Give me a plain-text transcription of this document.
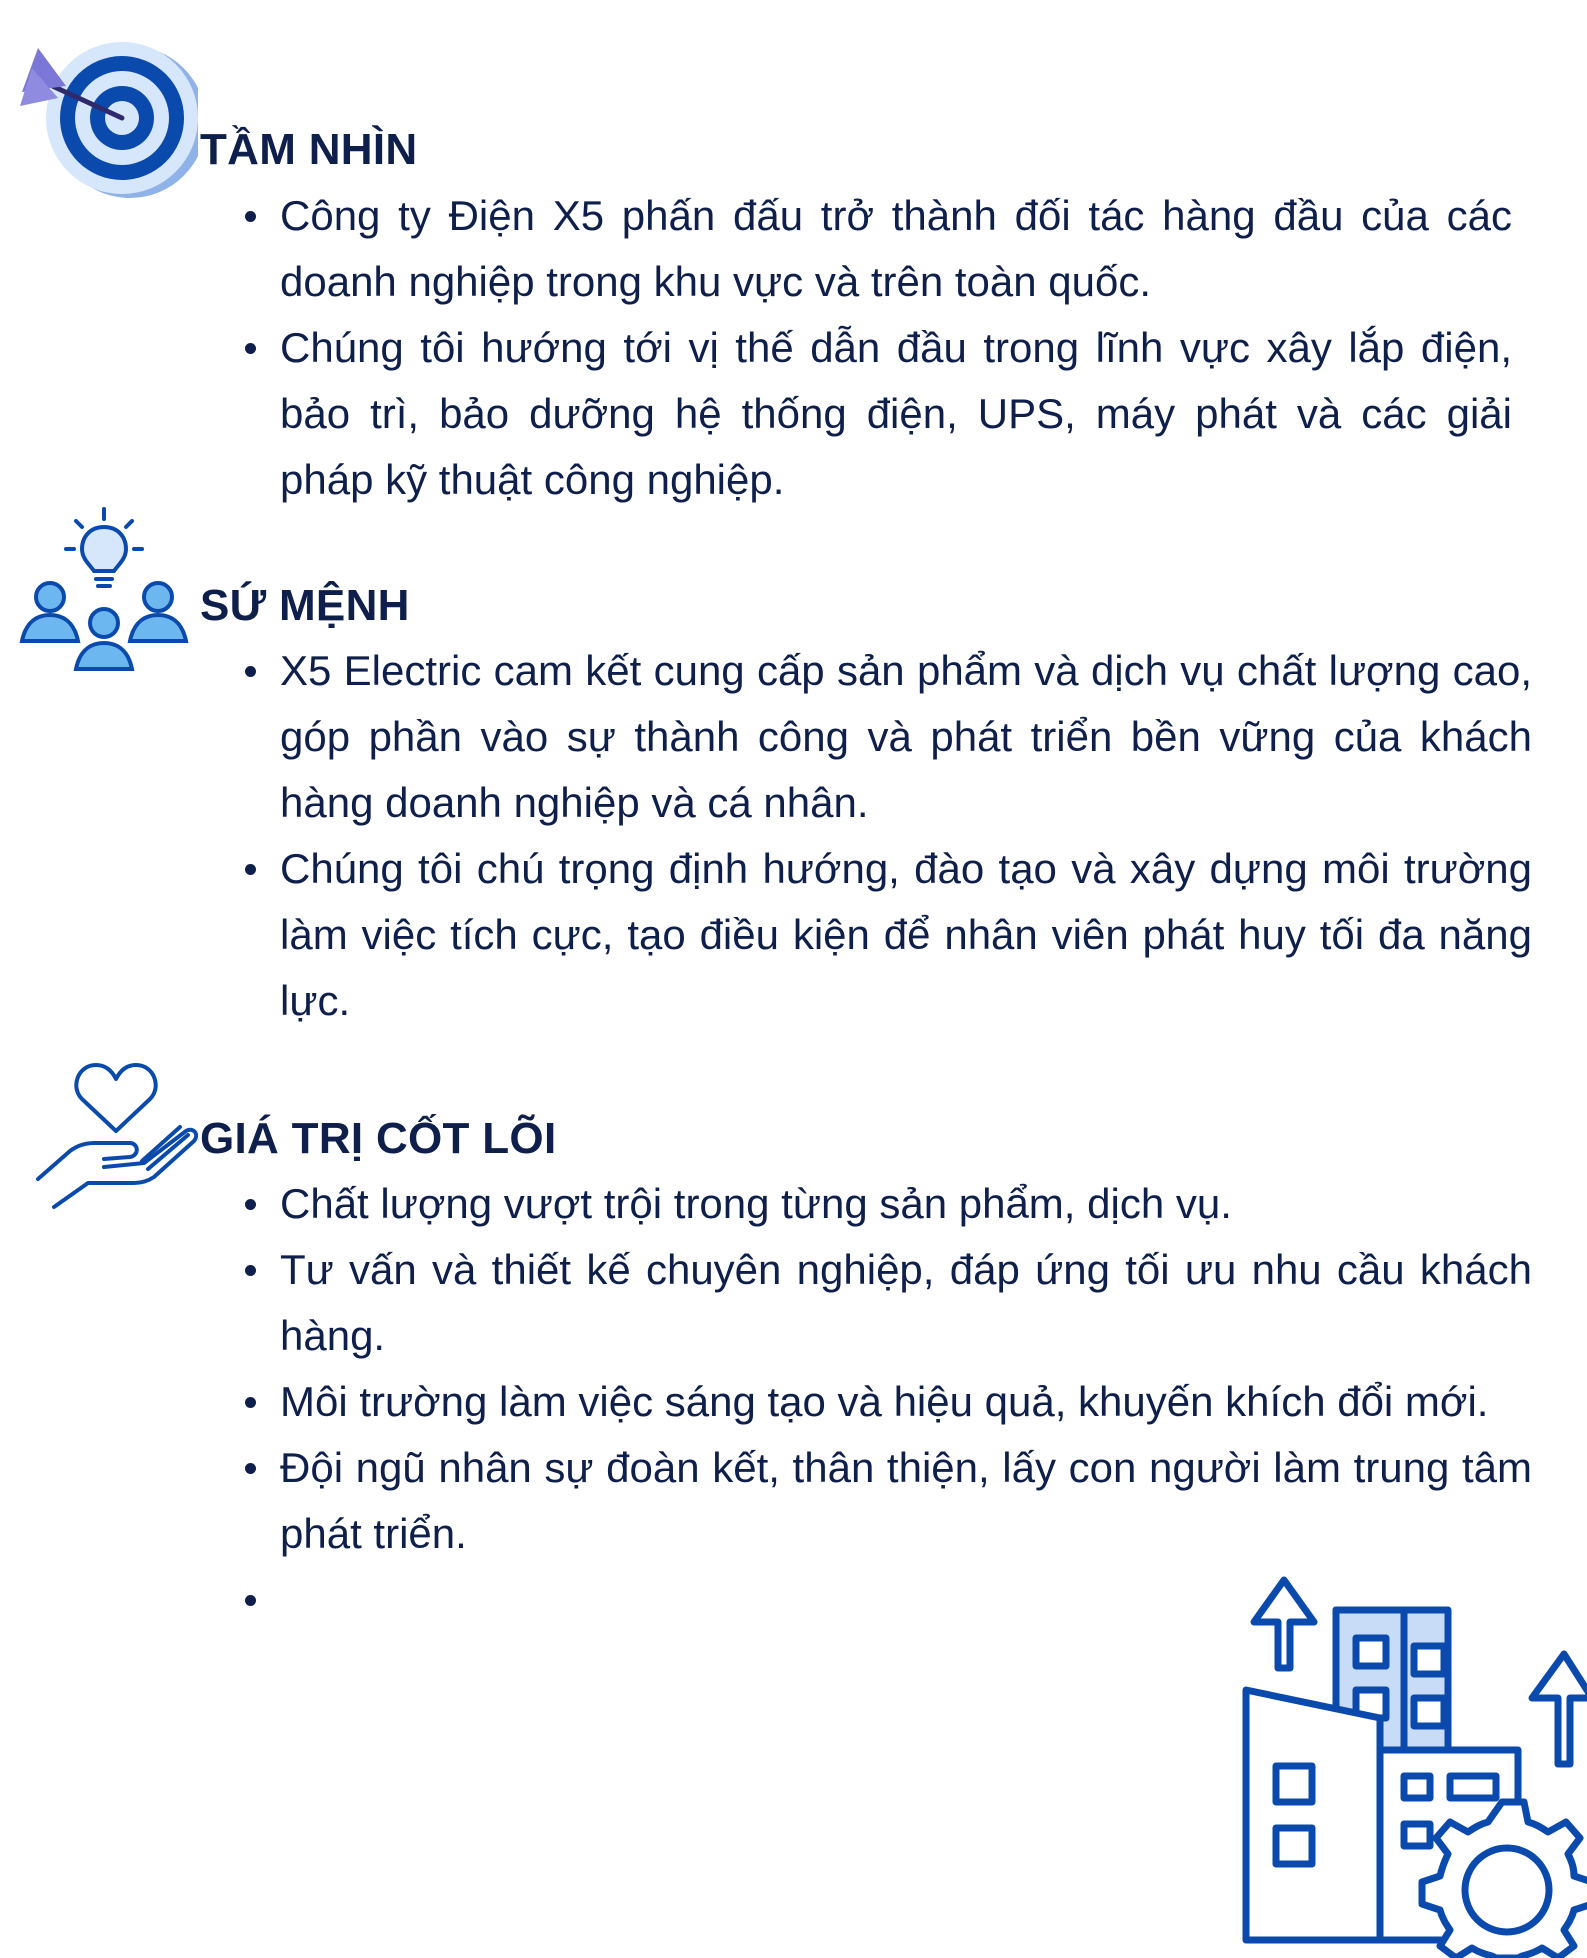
TẦM NHÌN
Công ty Điện X5 phấn đấu trở thành đối tác hàng đầu của các doanh nghiệp trong khu vực và trên toàn quốc.
Chúng tôi hướng tới vị thế dẫn đầu trong lĩnh vực xây lắp điện, bảo trì, bảo dưỡng hệ thống điện, UPS, máy phát và các giải pháp kỹ thuật công nghiệp.
SỨ MỆNH
X5 Electric cam kết cung cấp sản phẩm và dịch vụ chất lượng cao, góp phần vào sự thành công và phát triển bền vững của khách hàng doanh nghiệp và cá nhân.
Chúng tôi chú trọng định hướng, đào tạo và xây dựng môi trường làm việc tích cực, tạo điều kiện để nhân viên phát huy tối đa năng lực.
GIÁ TRỊ CỐT LÕI
Chất lượng vượt trội trong từng sản phẩm, dịch vụ.
Tư vấn và thiết kế chuyên nghiệp, đáp ứng tối ưu nhu cầu khách hàng.
Môi trường làm việc sáng tạo và hiệu quả, khuyến khích đổi mới.
Đội ngũ nhân sự đoàn kết, thân thiện, lấy con người làm trung tâm phát triển.
